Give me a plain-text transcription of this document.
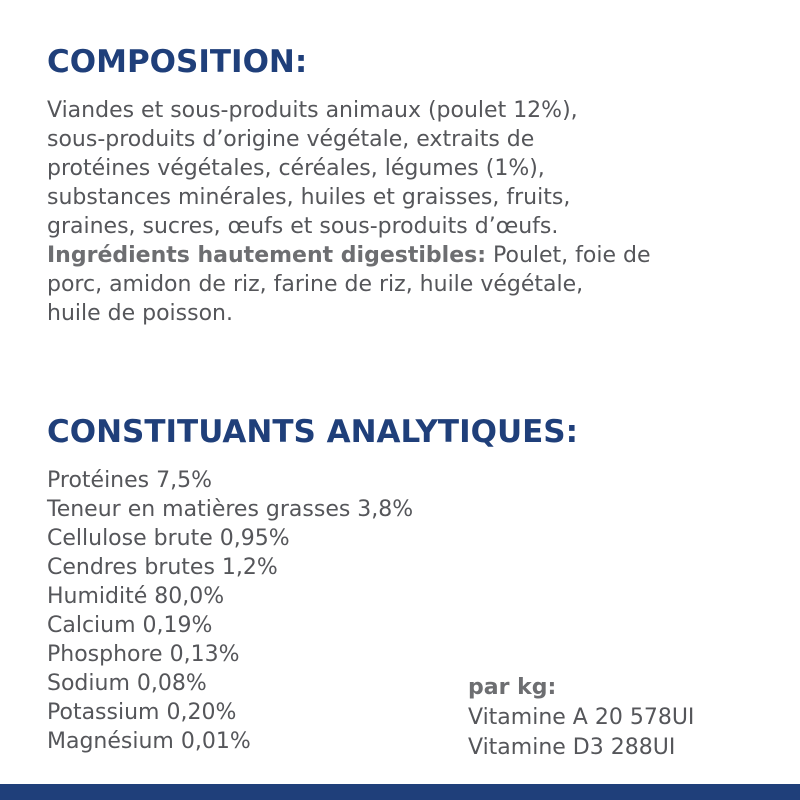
COMPOSITION:
Viandes et sous-produits animaux (poulet 12%),
sous-produits d’origine végétale, extraits de
protéines végétales, céréales, légumes (1%),
substances minérales, huiles et graisses, fruits,
graines, sucres, œufs et sous-produits d’œufs.
Ingrédients hautement digestibles: Poulet, foie de
porc, amidon de riz, farine de riz, huile végétale,
huile de poisson.
CONSTITUANTS ANALYTIQUES:
Protéines 7,5%
Teneur en matières grasses 3,8%
Cellulose brute 0,95%
Cendres brutes 1,2%
Humidité 80,0%
Calcium 0,19%
Phosphore 0,13%
Sodium 0,08%
Potassium 0,20%
Magnésium 0,01%
par kg:
Vitamine A 20 578UI
Vitamine D3 288UI
